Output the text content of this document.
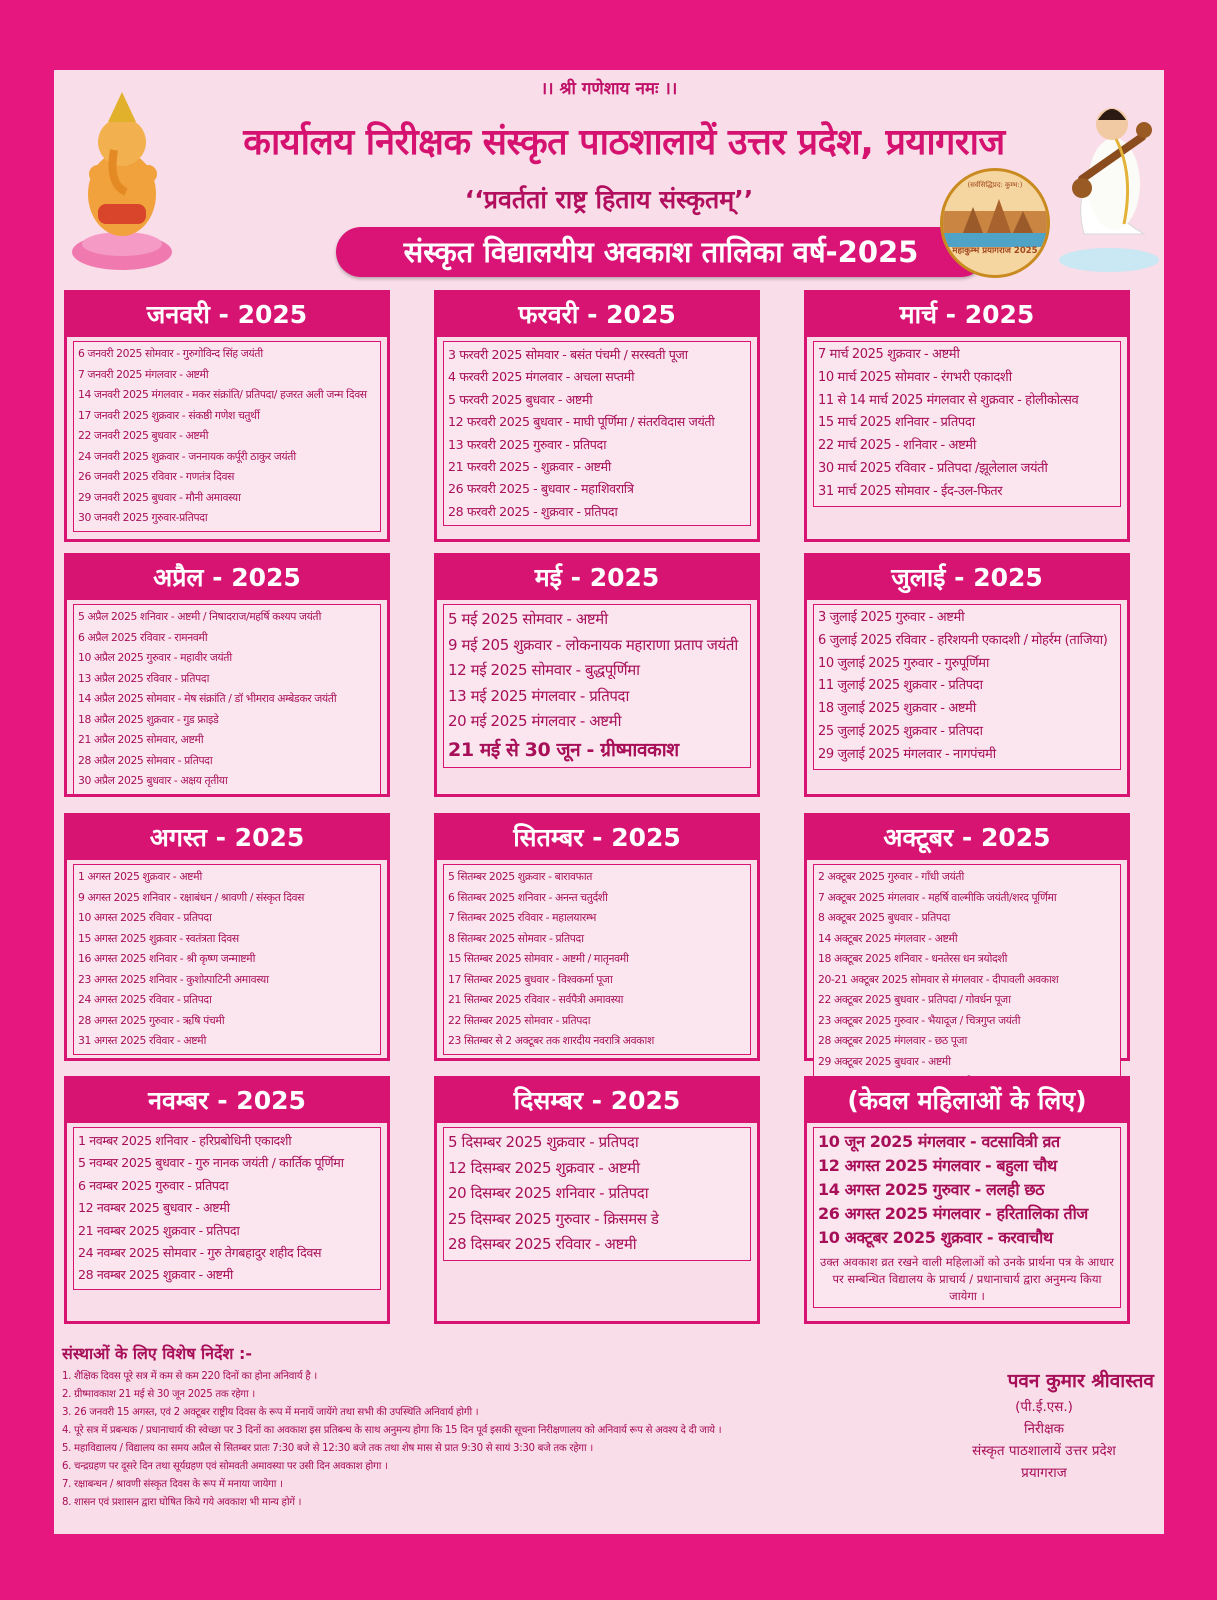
।। श्री गणेशाय नमः ।।
कार्यालय निरीक्षक संस्कृत पाठशालायें उत्तर प्रदेश, प्रयागराज
‘‘प्रवर्ततां राष्ट्र हिताय संस्कृतम्’’
संस्कृत विद्यालयीय अवकाश तालिका वर्ष-2025
(सर्वसिद्धिप्रद: कुम्भ:)
महाकुम्भ प्रयागराज 2025
जनवरी - 2025
6 जनवरी 2025 सोमवार - गुरुगोविन्द सिंह जयंती
7 जनवरी 2025 मंगलवार - अष्टमी
14 जनवरी 2025 मंगलवार - मकर संक्रांति/ प्रतिपदा/ हजरत अली जन्म दिवस
17 जनवरी 2025 शुक्रवार - संकष्ठी गणेश चतुर्थी
22 जनवरी 2025 बुधवार - अष्टमी
24 जनवरी 2025 शुक्रवार - जननायक कर्पूरी ठाकुर जयंती
26 जनवरी 2025 रविवार - गणतंत्र दिवस
29 जनवरी 2025 बुधवार - मौनी अमावस्या
30 जनवरी 2025 गुरुवार-प्रतिपदा
फरवरी - 2025
3 फरवरी 2025 सोमवार - बसंत पंचमी / सरस्वती पूजा
4 फरवरी 2025 मंगलवार - अचला सप्तमी
5 फरवरी 2025 बुधवार - अष्टमी
12 फरवरी 2025 बुधवार - माघी पूर्णिमा / संतरविदास जयंती
13 फरवरी 2025 गुरुवार - प्रतिपदा
21 फरवरी 2025 - शुक्रवार - अष्टमी
26 फरवरी 2025 - बुधवार - महाशिवरात्रि
28 फरवरी 2025 - शुक्रवार - प्रतिपदा
मार्च - 2025
7 मार्च 2025 शुक्रवार - अष्टमी
10 मार्च 2025 सोमवार - रंगभरी एकादशी
11 से 14 मार्च 2025 मंगलवार से शुक्रवार - होलीकोत्सव
15 मार्च 2025 शनिवार - प्रतिपदा
22 मार्च 2025 - शनिवार - अष्टमी
30 मार्च 2025 रविवार - प्रतिपदा /झूलेलाल जयंती
31 मार्च 2025 सोमवार - ईद-उल-फितर
अप्रैल - 2025
5 अप्रैल 2025 शनिवार - अष्टमी / निषादराज/महर्षि कश्यप जयंती
6 अप्रैल 2025 रविवार - रामनवमी
10 अप्रैल 2025 गुरुवार - महावीर जयंती
13 अप्रैल 2025 रविवार - प्रतिपदा
14 अप्रैल 2025 सोमवार - मेष संक्रांति / डॉ भीमराव अम्बेडकर जयंती
18 अप्रैल 2025 शुक्रवार - गुड फ्राइडे
21 अप्रैल 2025 सोमवार, अष्टमी
28 अप्रैल 2025 सोमवार - प्रतिपदा
30 अप्रैल 2025 बुधवार - अक्षय तृतीया
मई - 2025
5 मई 2025 सोमवार - अष्टमी
9 मई 205 शुक्रवार - लोकनायक महाराणा प्रताप जयंती
12 मई 2025 सोमवार - बुद्धपूर्णिमा
13 मई 2025 मंगलवार - प्रतिपदा
20 मई 2025 मंगलवार - अष्टमी
21 मई से 30 जून - ग्रीष्मावकाश
जुलाई - 2025
3 जुलाई 2025 गुरुवार - अष्टमी
6 जुलाई 2025 रविवार - हरिशयनी एकादशी / मोहर्रम (ताजिया)
10 जुलाई 2025 गुरुवार - गुरुपूर्णिमा
11 जुलाई 2025 शुक्रवार - प्रतिपदा
18 जुलाई 2025 शुक्रवार - अष्टमी
25 जुलाई 2025 शुक्रवार - प्रतिपदा
29 जुलाई 2025 मंगलवार - नागपंचमी
अगस्त - 2025
1 अगस्त 2025 शुक्रवार - अष्टमी
9 अगस्त 2025 शनिवार - रक्षाबंधन / श्रावणी / संस्कृत दिवस
10 अगस्त 2025 रविवार - प्रतिपदा
15 अगस्त 2025 शुक्रवार - स्वतंत्रता दिवस
16 अगस्त 2025 शनिवार - श्री कृष्ण जन्माष्टमी
23 अगस्त 2025 शनिवार - कुशोत्पाटिनी अमावस्या
24 अगस्त 2025 रविवार - प्रतिपदा
28 अगस्त 2025 गुरुवार - ऋषि पंचमी
31 अगस्त 2025 रविवार - अष्टमी
सितम्बर - 2025
5 सितम्बर 2025 शुक्रवार - बारावफात
6 सितम्बर 2025 शनिवार - अनन्त चतुर्दशी
7 सितम्बर 2025 रविवार - महालयारम्भ
8 सितम्बर 2025 सोमवार - प्रतिपदा
15 सितम्बर 2025 सोमवार - अष्टमी / मातृनवमी
17 सितम्बर 2025 बुधवार - विश्वकर्मा पूजा
21 सितम्बर 2025 रविवार - सर्वपैत्री अमावस्या
22 सितम्बर 2025 सोमवार - प्रतिपदा
23 सितम्बर से 2 अक्टूबर तक शारदीय नवरात्रि अवकाश
अक्टूबर - 2025
2 अक्टूबर 2025 गुरुवार - गाँधी जयंती
7 अक्टूबर 2025 मंगलवार - महर्षि वाल्मीकि जयंती/शरद पूर्णिमा
8 अक्टूबर 2025 बुधवार - प्रतिपदा
14 अक्टूबर 2025 मंगलवार - अष्टमी
18 अक्टूबर 2025 शनिवार - धनतेरस धन त्रयोदशी
20-21 अक्टूबर 2025 सोमवार से मंगलवार - दीपावली अवकाश
22 अक्टूबर 2025 बुधवार - प्रतिपदा / गोवर्धन पूजा
23 अक्टूबर 2025 गुरुवार - भैयादूज / चित्रगुप्त जयंती
28 अक्टूबर 2025 मंगलवार - छठ पूजा
29 अक्टूबर 2025 बुधवार - अष्टमी
नवम्बर - 2025
1 नवम्बर 2025 शनिवार - हरिप्रबोधिनी एकादशी
5 नवम्बर 2025 बुधवार - गुरु नानक जयंती / कार्तिक पूर्णिमा
6 नवम्बर 2025 गुरुवार - प्रतिपदा
12 नवम्बर 2025 बुधवार - अष्टमी
21 नवम्बर 2025 शुक्रवार - प्रतिपदा
24 नवम्बर 2025 सोमवार - गुरु तेगबहादुर शहीद दिवस
28 नवम्बर 2025 शुक्रवार - अष्टमी
दिसम्बर - 2025
5 दिसम्बर 2025 शुक्रवार - प्रतिपदा
12 दिसम्बर 2025 शुक्रवार - अष्टमी
20 दिसम्बर 2025 शनिवार - प्रतिपदा
25 दिसम्बर 2025 गुरुवार - क्रिसमस डे
28 दिसम्बर 2025 रविवार - अष्टमी
(केवल महिलाओं के लिए)
10 जून 2025 मंगलवार - वटसावित्री व्रत
12 अगस्त 2025 मंगलवार - बहुला चौथ
14 अगस्त 2025 गुरुवार - ललही छठ
26 अगस्त 2025 मंगलवार - हरितालिका तीज
10 अक्टूबर 2025 शुक्रवार - करवाचौथ
उक्त अवकाश व्रत रखने वाली महिलाओं को उनके प्रार्थना पत्र के आधार पर सम्बन्धित विद्यालय के प्राचार्य / प्रधानाचार्य द्वारा अनुमन्य किया जायेगा ।
संस्थाओं के लिए विशेष निर्देश :-
1. शैक्षिक दिवस पूरे सत्र में कम से कम 220 दिनों का होना अनिवार्य है ।
2. ग्रीष्मावकाश 21 मई से 30 जून 2025 तक रहेगा ।
3. 26 जनवरी 15 अगस्त, एवं 2 अक्टूबर राष्ट्रीय दिवस के रूप में मनायें जायेंगे तथा सभी की उपस्थिति अनिवार्य होगी ।
4. पूरे सत्र में प्रबन्धक / प्रधानाचार्य की स्वेच्छा पर 3 दिनों का अवकाश इस प्रतिबन्ध के साथ अनुमन्य होगा कि 15 दिन पूर्व इसकी सूचना निरीक्षणालय को अनिवार्य रूप से अवश्य दे दी जाये ।
5. महाविद्यालय / विद्यालय का समय अप्रैल से सितम्बर प्रातः 7:30 बजे से 12:30 बजे तक तथा शेष मास से प्रात 9:30 से सायं 3:30 बजे तक रहेगा ।
6. चन्द्रग्रहण पर दूसरे दिन तथा सूर्यग्रहण एवं सोमवती अमावस्या पर उसी दिन अवकाश होगा ।
7. रक्षाबन्धन / श्रावणी संस्कृत दिवस के रूप में मनाया जायेगा ।
8. शासन एवं प्रशासन द्वारा घोषित किये गये अवकाश भी मान्य होगें ।
पवन कुमार श्रीवास्तव
(पी.ई.एस.)
निरीक्षक
संस्कृत पाठशालायें उत्तर प्रदेश
प्रयागराज
